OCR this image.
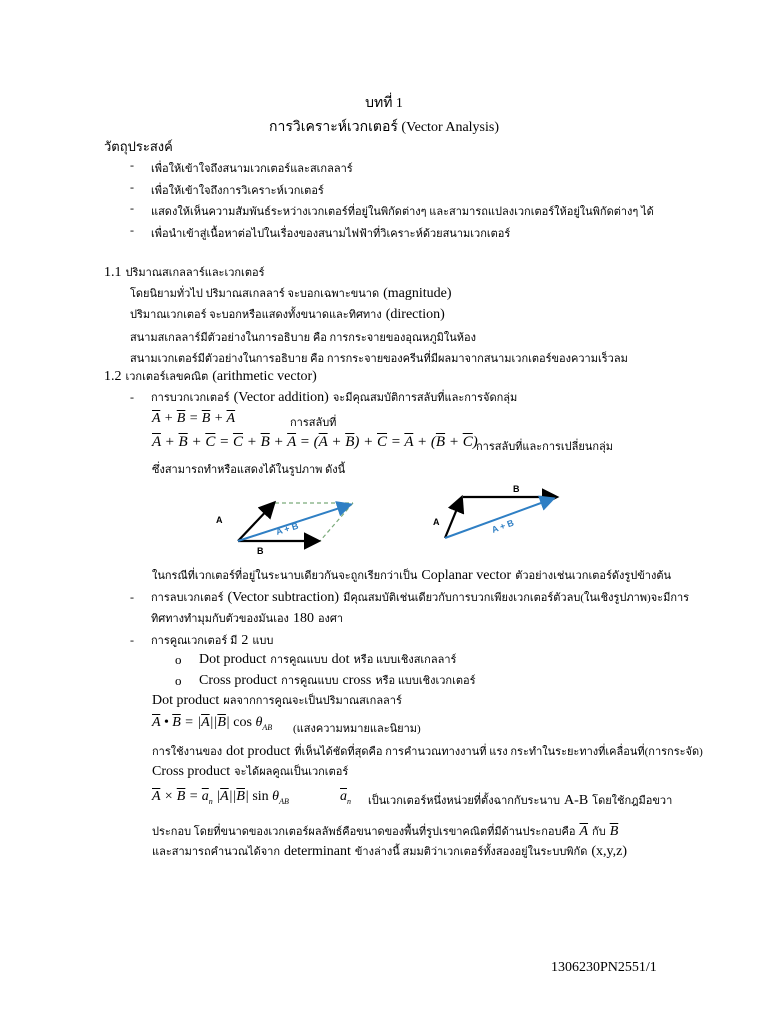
บทที่ 1
การวิเคราะห์เวกเตอร์ (Vector Analysis)
วัตถุประสงค์
- เพื่อให้เข้าใจถึงสนามเวกเตอร์และสเกลลาร์
- เพื่อให้เข้าใจถึงการวิเคราะห์เวกเตอร์
- แสดงให้เห็นความสัมพันธ์ระหว่างเวกเตอร์ที่อยู่ในพิกัดต่างๆ และสามารถแปลงเวกเตอร์ให้อยู่ในพิกัดต่างๆ ได้
- เพื่อนำเข้าสู่เนื้อหาต่อไปในเรื่องของสนามไฟฟ้าที่วิเคราะห์ด้วยสนามเวกเตอร์
1.1 ปริมาณสเกลลาร์และเวกเตอร์
โดยนิยามทั่วไป ปริมาณสเกลลาร์ จะบอกเฉพาะขนาด (magnitude)
ปริมาณเวกเตอร์ จะบอกหรือแสดงทั้งขนาดและทิศทาง (direction)
สนามสเกลลาร์มีตัวอย่างในการอธิบาย คือ การกระจายของอุณหภูมิในห้อง
สนามเวกเตอร์มีตัวอย่างในการอธิบาย คือ การกระจายของครีนที่มีผลมาจากสนามเวกเตอร์ของความเร็วลม
1.2 เวกเตอร์เลขคณิต (arithmetic vector)
- การบวกเวกเตอร์ (Vector addition) จะมีคุณสมบัติการสลับที่และการจัดกลุ่ม
$\overline{A} + \overline{B} = \overline{B} + \overline{A}$	การสลับที่
$\overline{A} + \overline{B} + \overline{C} = \overline{C} + \overline{B} + \overline{A} = (\overline{A} + \overline{B}) + \overline{C} = \overline{A} + (\overline{B} + \overline{C})$
การสลับที่และการเปลี่ยนกลุ่ม
ซึ่งสามารถทำหรือแสดงได้ในรูปภาพ ดังนี้
A
B
A + B	A
B
A + B
ในกรณีที่เวกเตอร์ที่อยู่ในระนาบเดียวกันจะถูกเรียกว่าเป็น Coplanar vector ตัวอย่างเช่นเวกเตอร์ดังรูปข้างต้น
- การลบเวกเตอร์ (Vector subtraction) มีคุณสมบัติเช่นเดียวกับการบวกเพียงเวกเตอร์ตัวลบ(ในเชิงรูปภาพ)จะมีการ
ทิศทางทำมุมกับตัวของมันเอง 180 องศา
- การคูณเวกเตอร์ มี 2 แบบ
o Dot product การคูณแบบ dot หรือ แบบเชิงสเกลลาร์
o Cross product การคูณแบบ cross หรือ แบบเชิงเวกเตอร์
Dot product ผลจากการคูณจะเป็นปริมาณสเกลลาร์
$\overline{A}$ • $\overline{B} = |\overline{A}||\overline{B}|$ $\cos \theta_{AB}$ (แสงความหมายและนิยาม)
การใช้งานของ dot product ที่เห็นได้ชัดที่สุดคือ การคำนวณทางงานที่ แรง กระทำในระยะทางที่เคลื่อนที่(การกระจัด)
Cross product จะได้ผลคูณเป็นเวกเตอร์
$\overline{A} \times \overline{B} = \overline{a}_n$ $|\overline{A}||\overline{B}|$ $\sin \theta_{AB}$	$\overline{a}_n$ เป็นเวกเตอร์หนึ่งหน่วยที่ตั้งฉากกับระนาบ A-B โดยใช้กฎมือขวา
ประกอบ โดยที่ขนาดของเวกเตอร์ผลลัพธ์คือขนาดของพื้นที่รูปเรขาคณิตที่มีด้านประกอบคือ $\overline{A}$ กับ $\overline{B}$
และสามารถคำนวณได้จาก determinant ข้างล่างนี้ สมมติว่าเวกเตอร์ทั้งสองอยู่ในระบบพิกัด (x,y,z)
1306230PN2551/1
